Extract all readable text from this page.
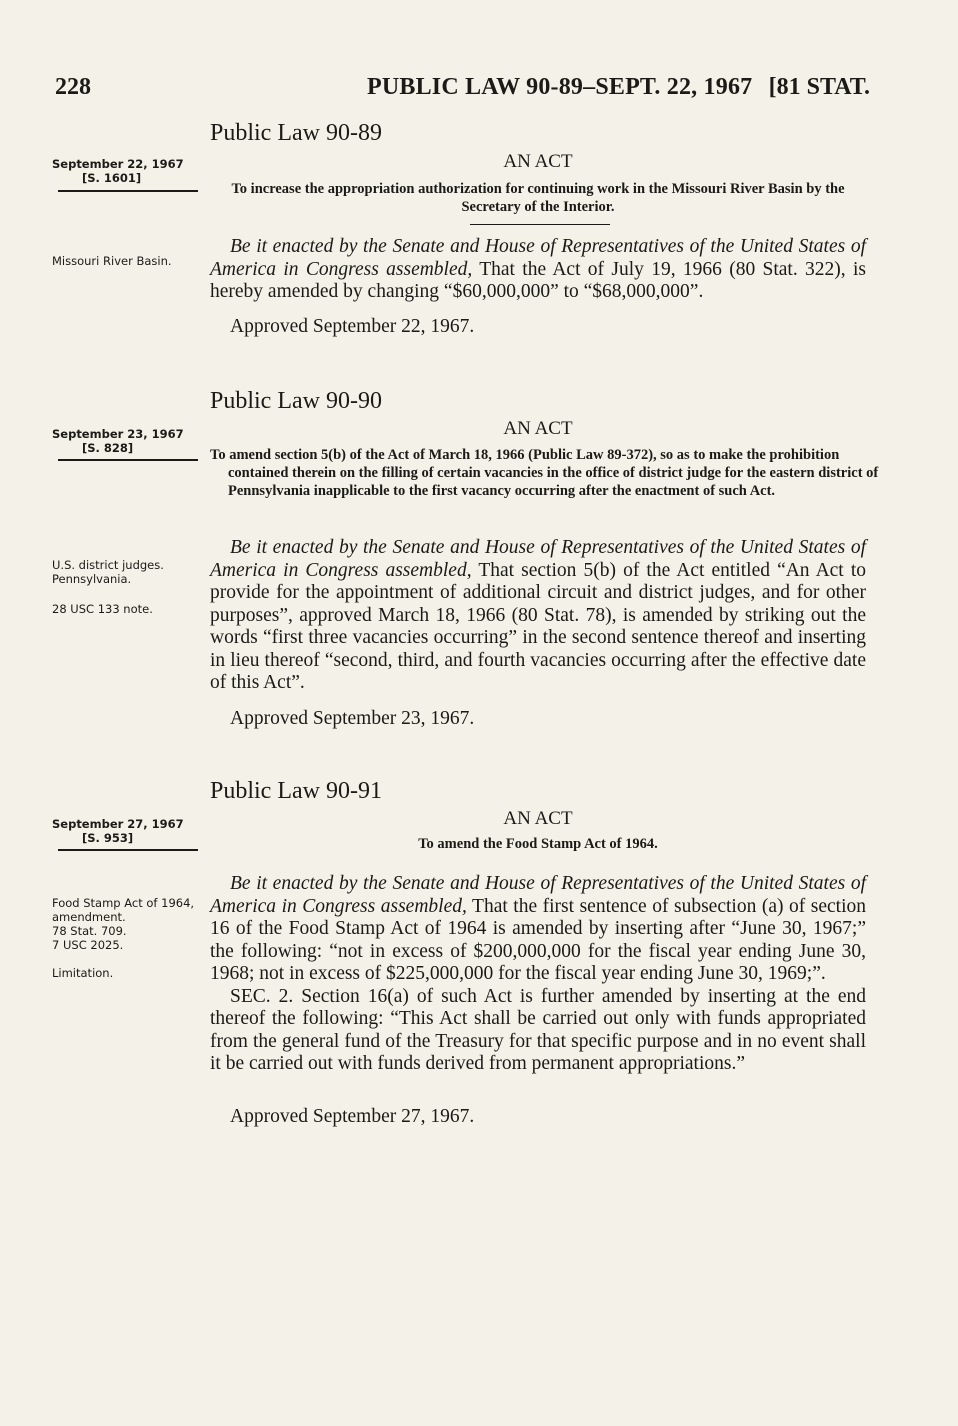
228	PUBLIC LAW 90-89–SEPT. 22, 1967 [81 STAT.
Public Law 90-89
September 22, 1967
[S. 1601]
AN ACT
To increase the appropriation authorization for continuing work in the Missouri River Basin by the Secretary of the Interior.
Missouri River Basin.

Be it enacted by the Senate and House of Representatives of the United States of America in Congress assembled, That the Act of July 19, 1966 (80 Stat. 322), is hereby amended by changing “$60,000,000” to “$68,000,000”.

Approved September 22, 1967.
Public Law 90-90
September 23, 1967
[S. 828]
AN ACT
To amend section 5(b) of the Act of March 18, 1966 (Public Law 89-372), so as to make the prohibition contained therein on the filling of certain vacancies in the office of district judge for the eastern district of Pennsylvania inapplicable to the first vacancy occurring after the enactment of such Act.
U.S. district judges. Pennsylvania.
28 USC 133 note.

Be it enacted by the Senate and House of Representatives of the United States of America in Congress assembled, That section 5(b) of the Act entitled “An Act to provide for the appointment of additional circuit and district judges, and for other purposes”, approved March 18, 1966 (80 Stat. 78), is amended by striking out the words “first three vacancies occurring” in the second sentence thereof and inserting in lieu thereof “second, third, and fourth vacancies occurring after the effective date of this Act”.

Approved September 23, 1967.
Public Law 90-91
September 27, 1967
[S. 953]
AN ACT
To amend the Food Stamp Act of 1964.
Food Stamp Act of 1964, amendment.
78 Stat. 709.
7 USC 2025.
Limitation.

Be it enacted by the Senate and House of Representatives of the United States of America in Congress assembled, That the first sentence of subsection (a) of section 16 of the Food Stamp Act of 1964 is amended by inserting after “June 30, 1967;” the following: “not in excess of $200,000,000 for the fiscal year ending June 30, 1968; not in excess of $225,000,000 for the fiscal year ending June 30, 1969;”.

SEC. 2. Section 16(a) of such Act is further amended by inserting at the end thereof the following: “This Act shall be carried out only with funds appropriated from the general fund of the Treasury for that specific purpose and in no event shall it be carried out with funds derived from permanent appropriations.”

Approved September 27, 1967.
